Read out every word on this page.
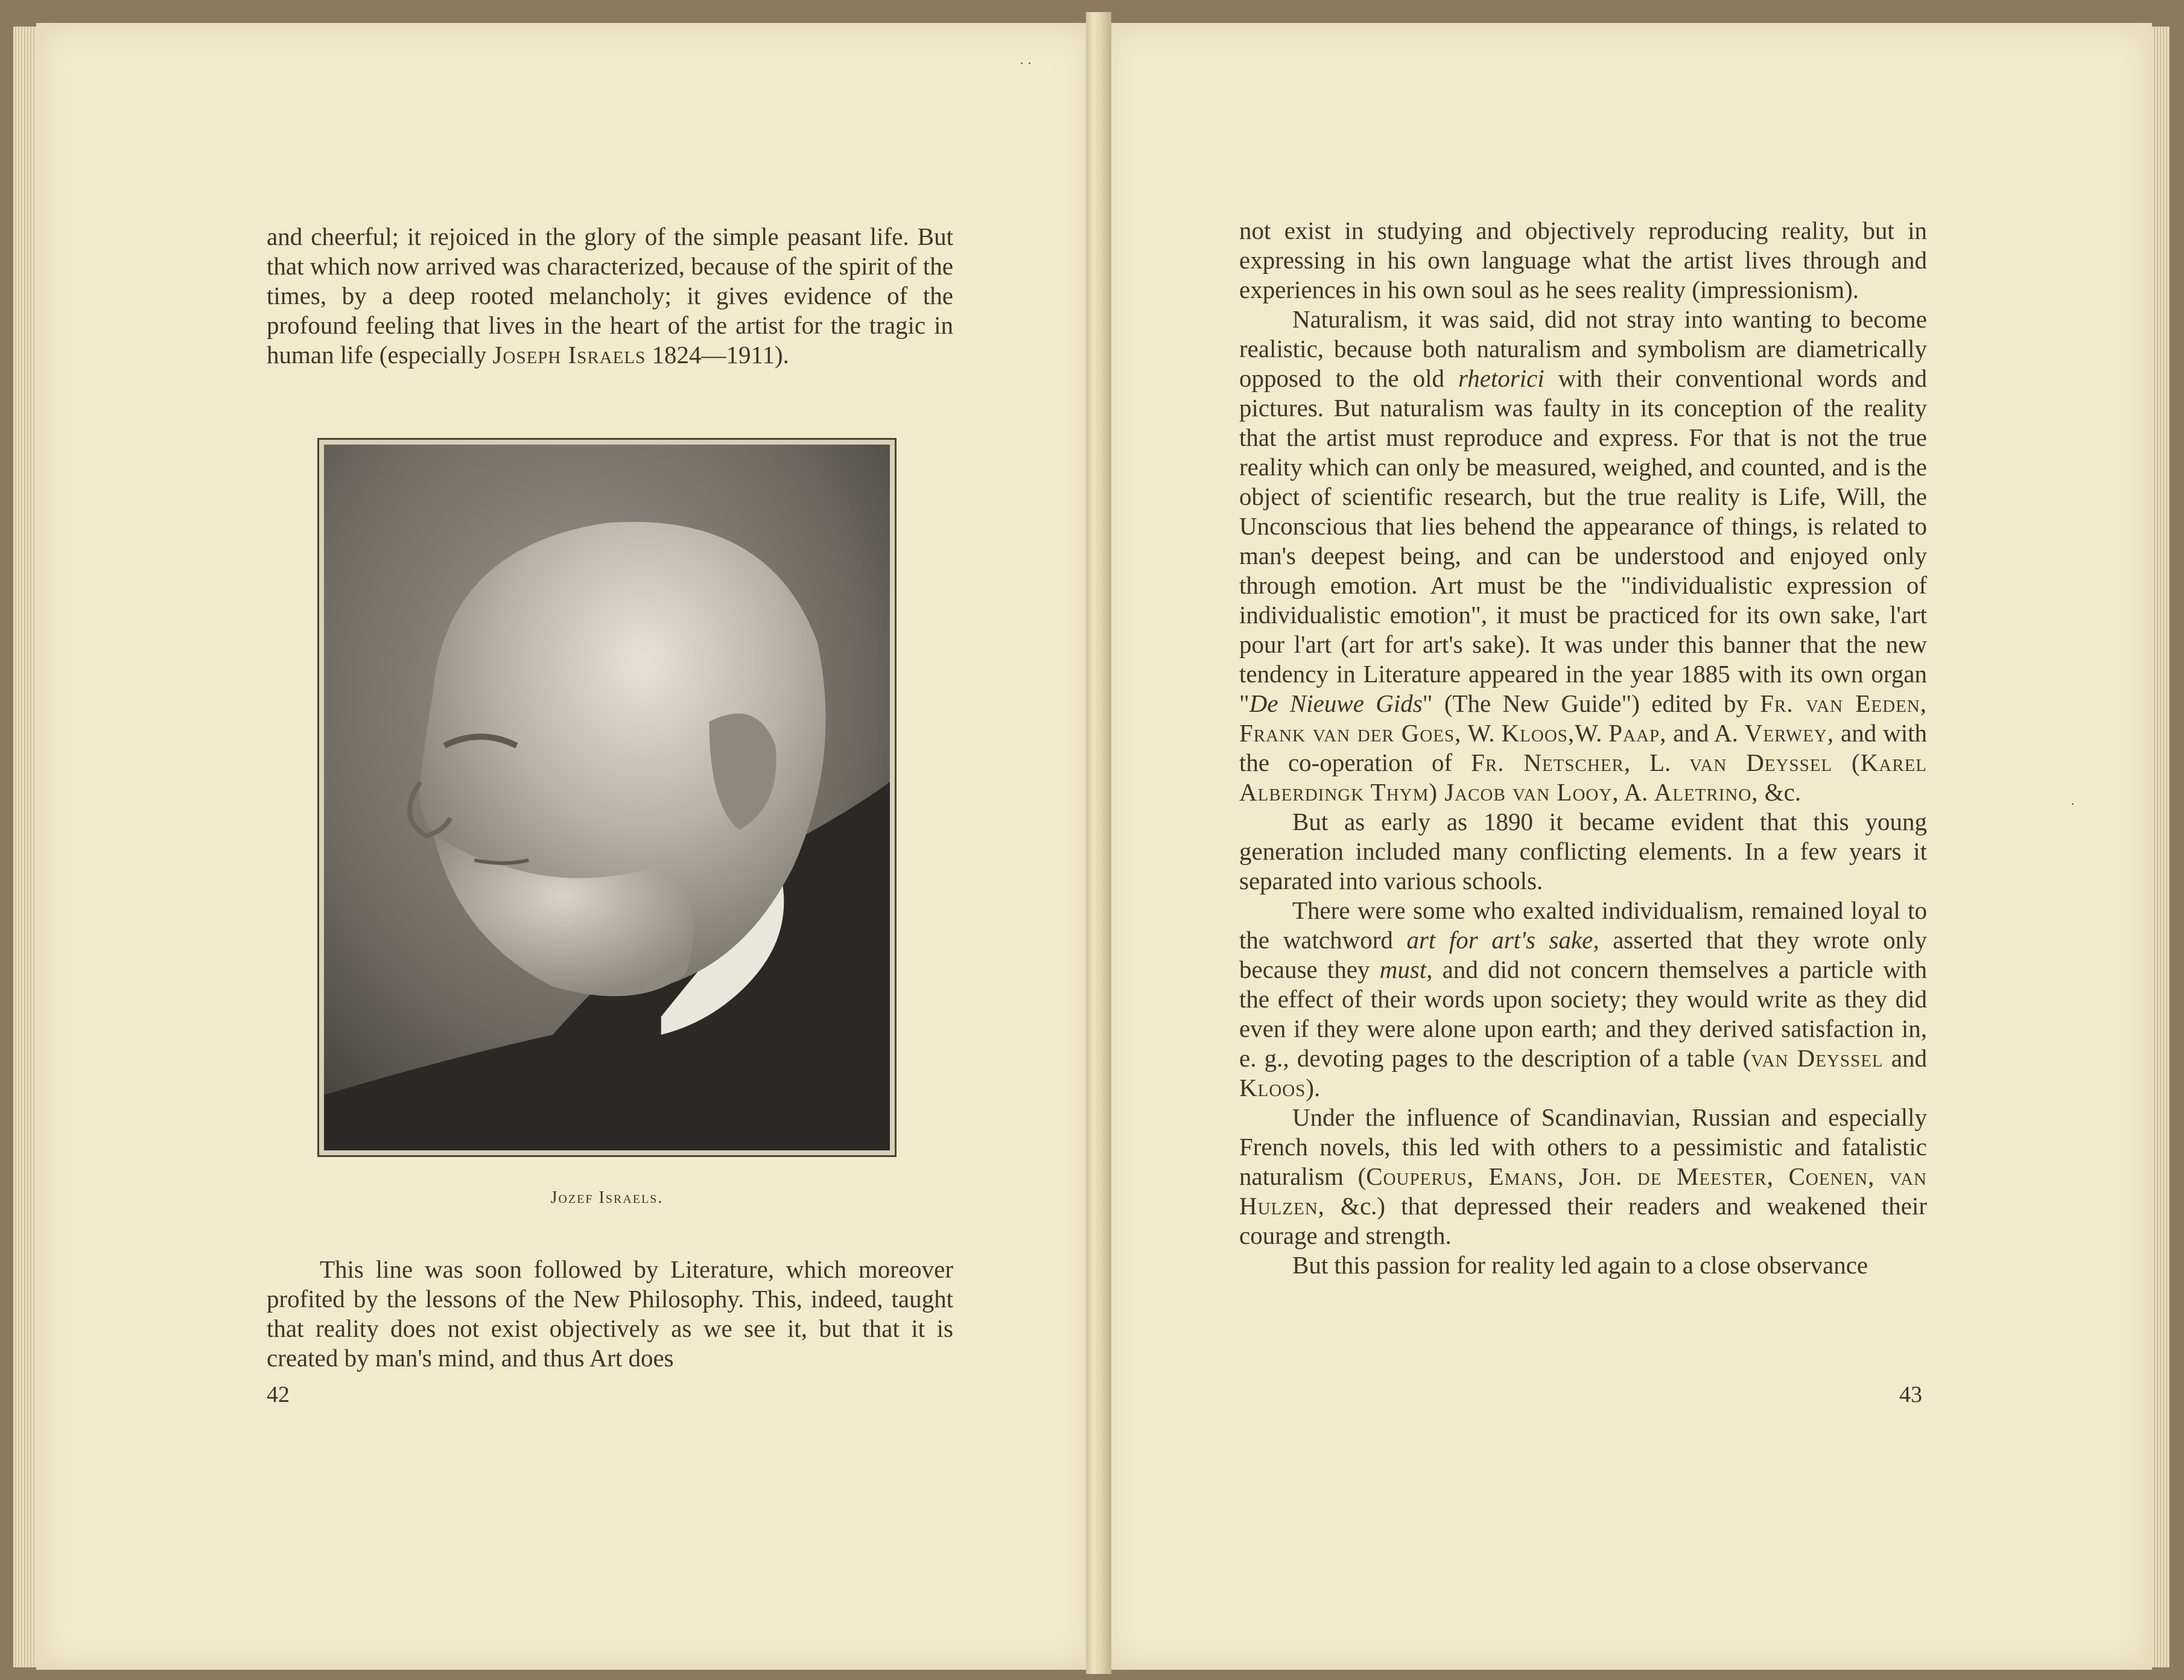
· ·

and cheerful; it rejoiced in the glory of the simple peasant life. But that which now arrived was characterized, because of the spirit of the times, by a deep rooted melancholy; it gives evidence of the profound feeling that lives in the heart of the artist for the tragic in human life (especially Joseph Israels 1824—1911).

Jozef Israels.

This line was soon followed by Literature, which moreover profited by the lessons of the New Philosophy. This, indeed, taught that reality does not exist objectively as we see it, but that it is created by man's mind, and thus Art does

42

not exist in studying and objectively reproducing reality, but in expressing in his own language what the artist lives through and experiences in his own soul as he sees reality (impressionism).

Naturalism, it was said, did not stray into wanting to become realistic, because both naturalism and symbolism are diametrically opposed to the old rhetorici with their conventional words and pictures. But naturalism was faulty in its conception of the reality that the artist must reproduce and express. For that is not the true reality which can only be measured, weighed, and counted, and is the object of scientific research, but the true reality is Life, Will, the Unconscious that lies behend the appearance of things, is related to man's deepest being, and can be understood and enjoyed only through emotion. Art must be the "individualistic expression of individualistic emotion", it must be practiced for its own sake, l'art pour l'art (art for art's sake). It was under this banner that the new tendency in Literature appeared in the year 1885 with its own organ "De Nieuwe Gids" (The New Guide") edited by Fr. van Eeden, Frank van der Goes, W. Kloos,W. Paap, and A. Verwey, and with the co-operation of Fr. Netscher, L. van Deyssel (Karel Alberdingk Thym) Jacob van Looy, A. Aletrino, &c.

But as early as 1890 it became evident that this young generation included many conflicting elements. In a few years it separated into various schools.

There were some who exalted individualism, remained loyal to the watchword art for art's sake, asserted that they wrote only because they must, and did not concern themselves a particle with the effect of their words upon society; they would write as they did even if they were alone upon earth; and they derived satisfaction in, e. g., devoting pages to the description of a table (van Deyssel and Kloos).

Under the influence of Scandinavian, Russian and especially French novels, this led with others to a pessimistic and fatalistic naturalism (Couperus, Emans, Joh. de Meester, Coenen, van Hulzen, &c.) that depressed their readers and weakened their courage and strength.

But this passion for reality led again to a close observance

43
·
